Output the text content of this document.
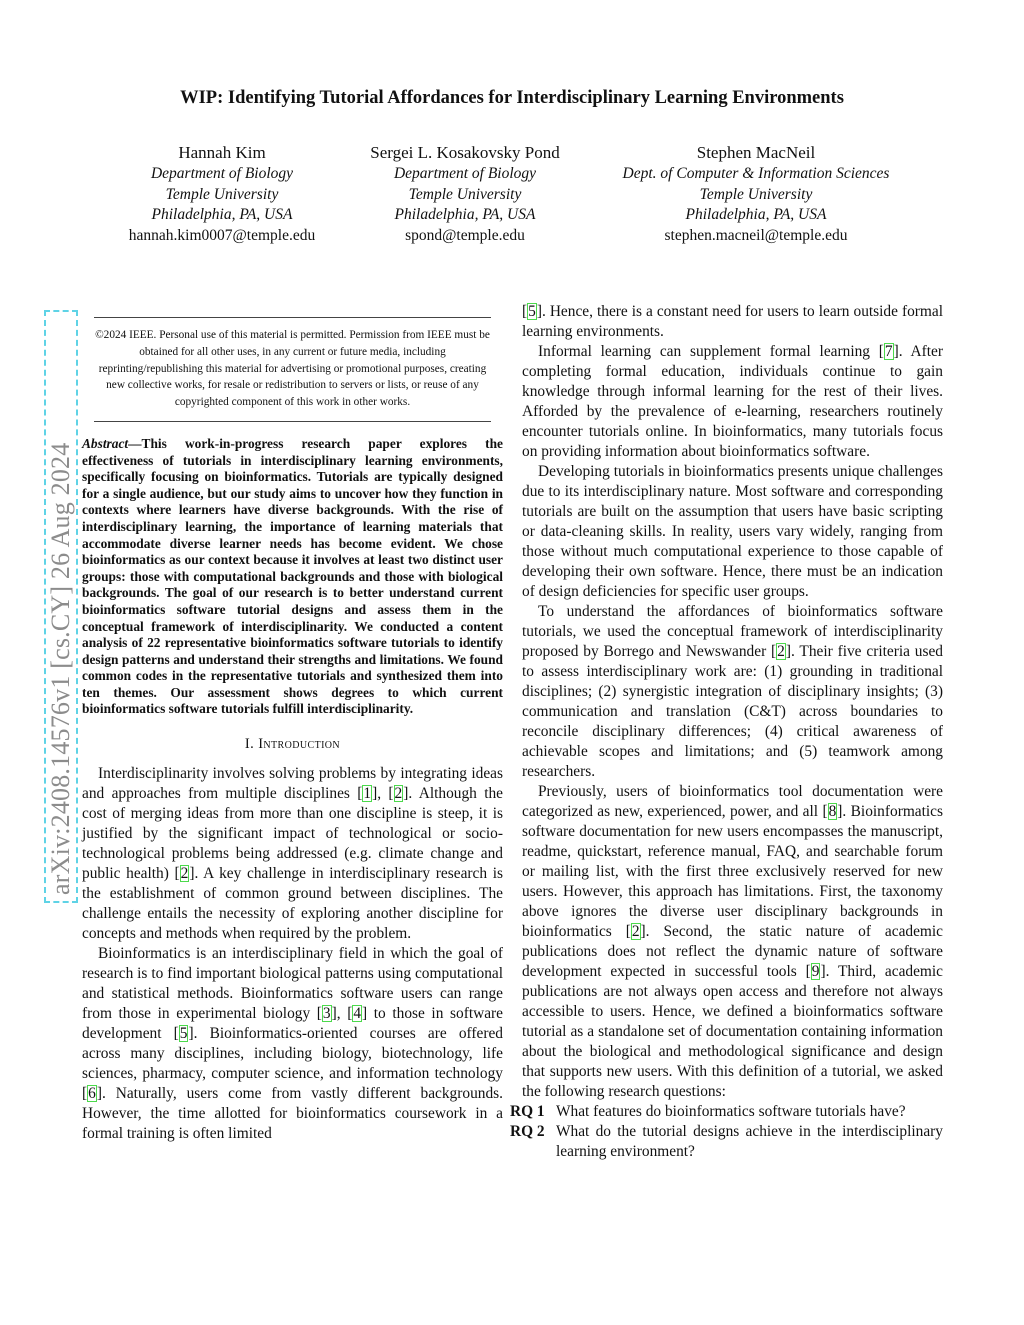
arXiv:2408.14576v1 [cs.CY] 26 Aug 2024
WIP: Identifying Tutorial Affordances for Interdisciplinary Learning Environments
Hannah Kim
Department of Biology
Temple University
Philadelphia, PA, USA
hannah.kim0007@temple.edu
Sergei L. Kosakovsky Pond
Department of Biology
Temple University
Philadelphia, PA, USA
spond@temple.edu
Stephen MacNeil
Dept. of Computer & Information Sciences
Temple University
Philadelphia, PA, USA
stephen.macneil@temple.edu
©2024 IEEE. Personal use of this material is permitted. Permission from IEEE must be obtained for all other uses, in any current or future media, including reprinting/republishing this material for advertising or promotional purposes, creating new collective works, for resale or redistribution to servers or lists, or reuse of any copyrighted component of this work in other works.

Abstract—This work-in-progress research paper explores the effectiveness of tutorials in interdisciplinary learning environments, specifically focusing on bioinformatics. Tutorials are typically designed for a single audience, but our study aims to uncover how they function in contexts where learners have diverse backgrounds. With the rise of interdisciplinary learning, the importance of learning materials that accommodate diverse learner needs has become evident. We chose bioinformatics as our context because it involves at least two distinct user groups: those with computational backgrounds and those with biological backgrounds. The goal of our research is to better understand current bioinformatics software tutorial designs and assess them in the conceptual framework of interdisciplinarity. We conducted a content analysis of 22 representative bioinformatics software tutorials to identify design patterns and understand their strengths and limitations. We found common codes in the representative tutorials and synthesized them into ten themes. Our assessment shows degrees to which current bioinformatics software tutorials fulfill interdisciplinarity.

I. Introduction

Interdisciplinarity involves solving problems by integrating ideas and approaches from multiple disciplines [1], [2]. Although the cost of merging ideas from more than one discipline is steep, it is justified by the significant impact of technological or socio-technological problems being addressed (e.g. climate change and public health) [2]. A key challenge in interdisciplinary research is the establishment of common ground between disciplines. The challenge entails the necessity of exploring another discipline for concepts and methods when required by the problem.

Bioinformatics is an interdisciplinary field in which the goal of research is to find important biological patterns using computational and statistical methods. Bioinformatics software users can range from those in experimental biology [3], [4] to those in software development [5]. Bioinformatics-oriented courses are offered across many disciplines, including biology, biotechnology, life sciences, pharmacy, computer science, and information technology [6]. Naturally, users come from vastly different backgrounds. However, the time allotted for bioinformatics coursework in a formal training is often limited

[5]. Hence, there is a constant need for users to learn outside formal learning environments.

Informal learning can supplement formal learning [7]. After completing formal education, individuals continue to gain knowledge through informal learning for the rest of their lives. Afforded by the prevalence of e-learning, researchers routinely encounter tutorials online. In bioinformatics, many tutorials focus on providing information about bioinformatics software.

Developing tutorials in bioinformatics presents unique challenges due to its interdisciplinary nature. Most software and corresponding tutorials are built on the assumption that users have basic scripting or data-cleaning skills. In reality, users vary widely, ranging from those without much computational experience to those capable of developing their own software. Hence, there must be an indication of design deficiencies for specific user groups.

To understand the affordances of bioinformatics software tutorials, we used the conceptual framework of interdisciplinarity proposed by Borrego and Newswander [2]. Their five criteria used to assess interdisciplinary work are: (1) grounding in traditional disciplines; (2) synergistic integration of disciplinary insights; (3) communication and translation (C&T) across boundaries to reconcile disciplinary differences; (4) critical awareness of achievable scopes and limitations; and (5) teamwork among researchers.

Previously, users of bioinformatics tool documentation were categorized as new, experienced, power, and all [8]. Bioinformatics software documentation for new users encompasses the manuscript, readme, quickstart, reference manual, FAQ, and searchable forum or mailing list, with the first three exclusively reserved for new users. However, this approach has limitations. First, the taxonomy above ignores the diverse user disciplinary backgrounds in bioinformatics [2]. Second, the static nature of academic publications does not reflect the dynamic nature of software development expected in successful tools [9]. Third, academic publications are not always open access and therefore not always accessible to users. Hence, we defined a bioinformatics software tutorial as a standalone set of documentation containing information about the biological and methodological significance and design that supports new users. With this definition of a tutorial, we asked the following research questions:

RQ 1 What features do bioinformatics software tutorials have?
RQ 2 What do the tutorial designs achieve in the interdisciplinary learning environment?
